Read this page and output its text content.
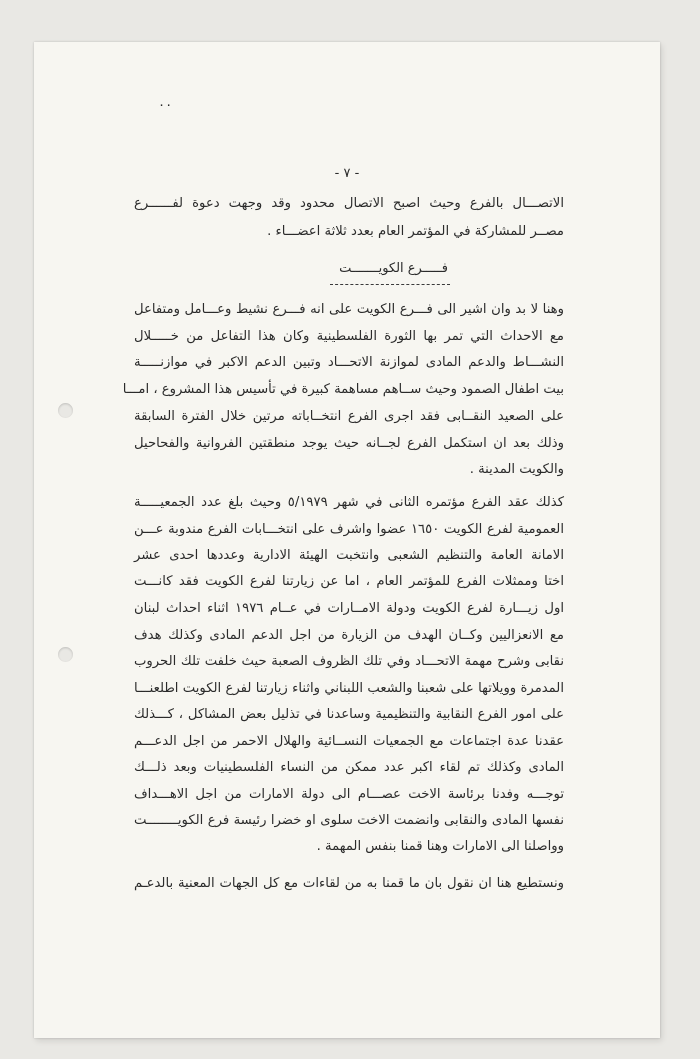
٠٠
- ٧ -
الاتصـــال بالفرع وحيث اصبح الاتصال محدود وقد وجهت دعوة لفــــــرع
مصــر للمشاركة في المؤتمر العام بعدد ثلاثة اعضـــاء .
فـــــرع الكويـــــــت
وهنا لا بد وان اشير الى فـــرع الكويت على انه فـــرع نشيط وعـــامل ومتفاعل
مع الاحداث التي تمر بها الثورة الفلسطينية وكان هذا التفاعل من خـــــلال
النشـــاط والدعم المادى لموازنة الاتحـــاد وتبين الدعم الاكبر في موازنـــــة
بيت اطفال الصمود وحيث ســاهم مساهمة كبيرة في تأسيس هذا المشروع ، امـــا
على الصعيد النقــابى فقد اجرى الفرع انتخــاباته مرتين خلال الفترة السابقة
وذلك بعد ان استكمل الفرع لجــانه حيث يوجد منطقتين الفروانية والفحاحيل
والكويت المدينة .
كذلك عقد الفرع مؤتمره الثانى في شهر ٥/١٩٧٩ وحيث بلغ عدد الجمعيـــــة
العمومية لفرع الكويت ١٦٥٠ عضوا واشرف على انتخـــابات الفرع مندوبة عـــن
الامانة العامة والتنظيم الشعبى وانتخبت الهيئة الادارية وعددها احدى عشر
اختا وممثلات الفرع للمؤتمر العام ، اما عن زيارتنا لفرع الكويت فقد كانـــت
اول زيـــارة لفرع الكويت ودولة الامــارات في عــام ١٩٧٦ اثناء احداث لبنان
مع الانعزاليين وكــان الهدف من الزيارة من اجل الدعم المادى وكذلك هدف
نقابى وشرح مهمة الاتحـــاد وفي تلك الظروف الصعبة حيث خلفت تلك الحروب
المدمرة وويلاتها على شعبنا والشعب اللبناني واثناء زيارتنا لفرع الكويت اطلعنـــا
على امور الفرع النقابية والتنظيمية وساعدنا في تذليل بعض المشاكل ، كـــذلك
عقدنا عدة اجتماعات مع الجمعيات النســائية والهلال الاحمر من اجل الدعـــم
المادى وكذلك تم لقاء اكبر عدد ممكن من النساء الفلسطينيات وبعد ذلـــك
توجـــه وفدنا برئاسة الاخت عصـــام الى دولة الامارات من اجل الاهـــداف
نفسها المادى والنقابى وانضمت الاخت سلوى او خضرا رئيسة فرع الكويــــــــت
وواصلنا الى الامارات وهنا قمنا بنفس المهمة .
ونستطيع هنا ان نقول بان ما قمنا به من لقاءات مع كل الجهات المعنية بالدعـم
